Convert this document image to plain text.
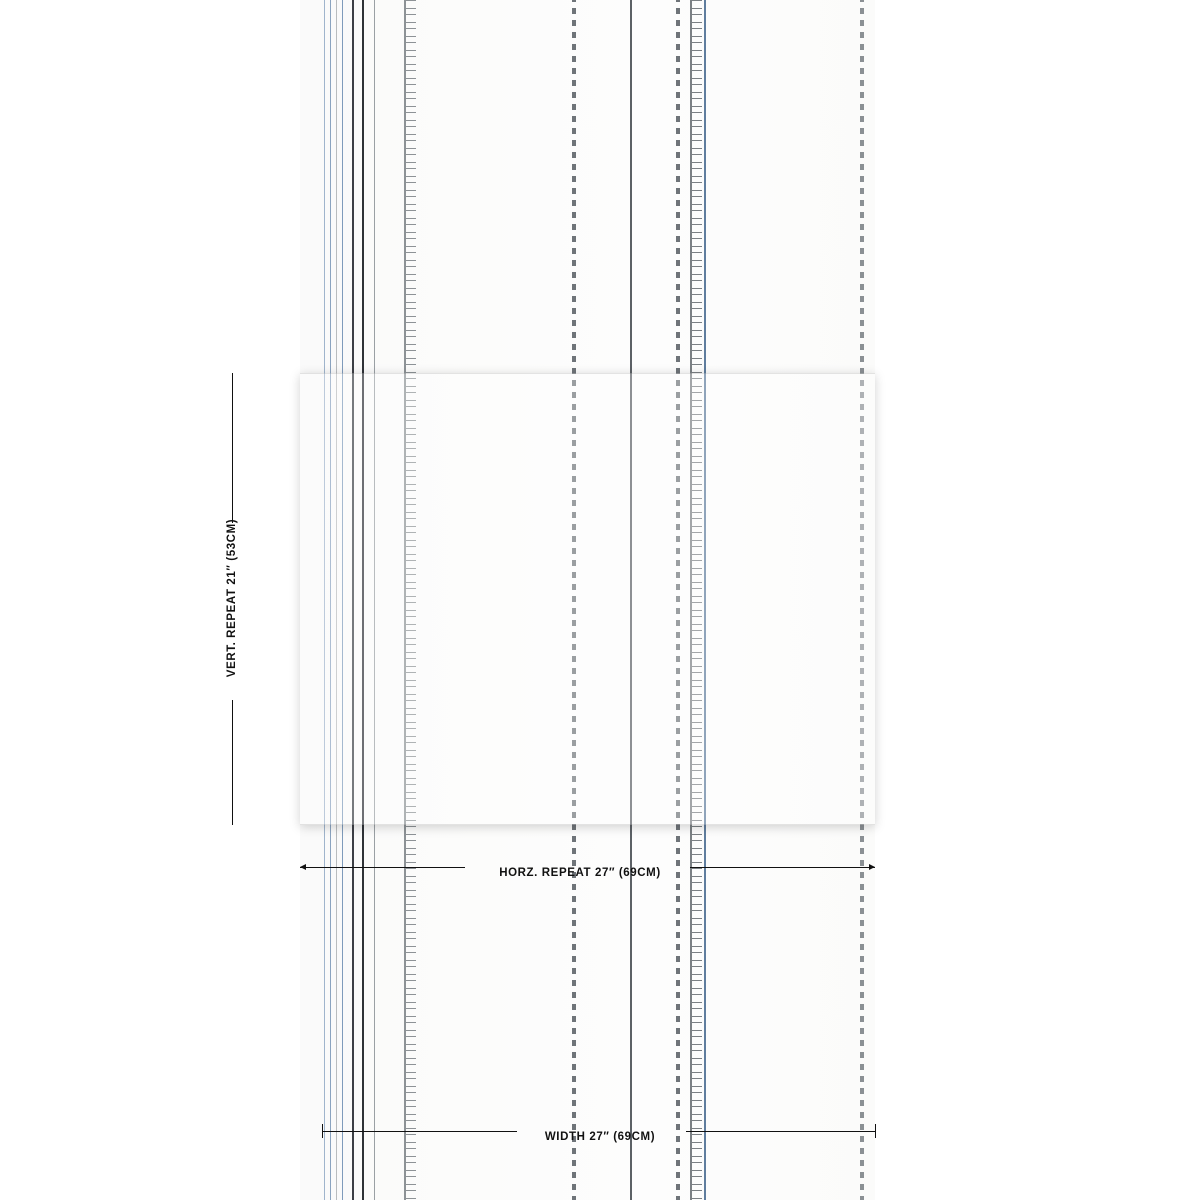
VERT. REPEAT 21″ (53CM)
HORZ. REPEAT 27″ (69CM)
WIDTH 27″ (69CM)
